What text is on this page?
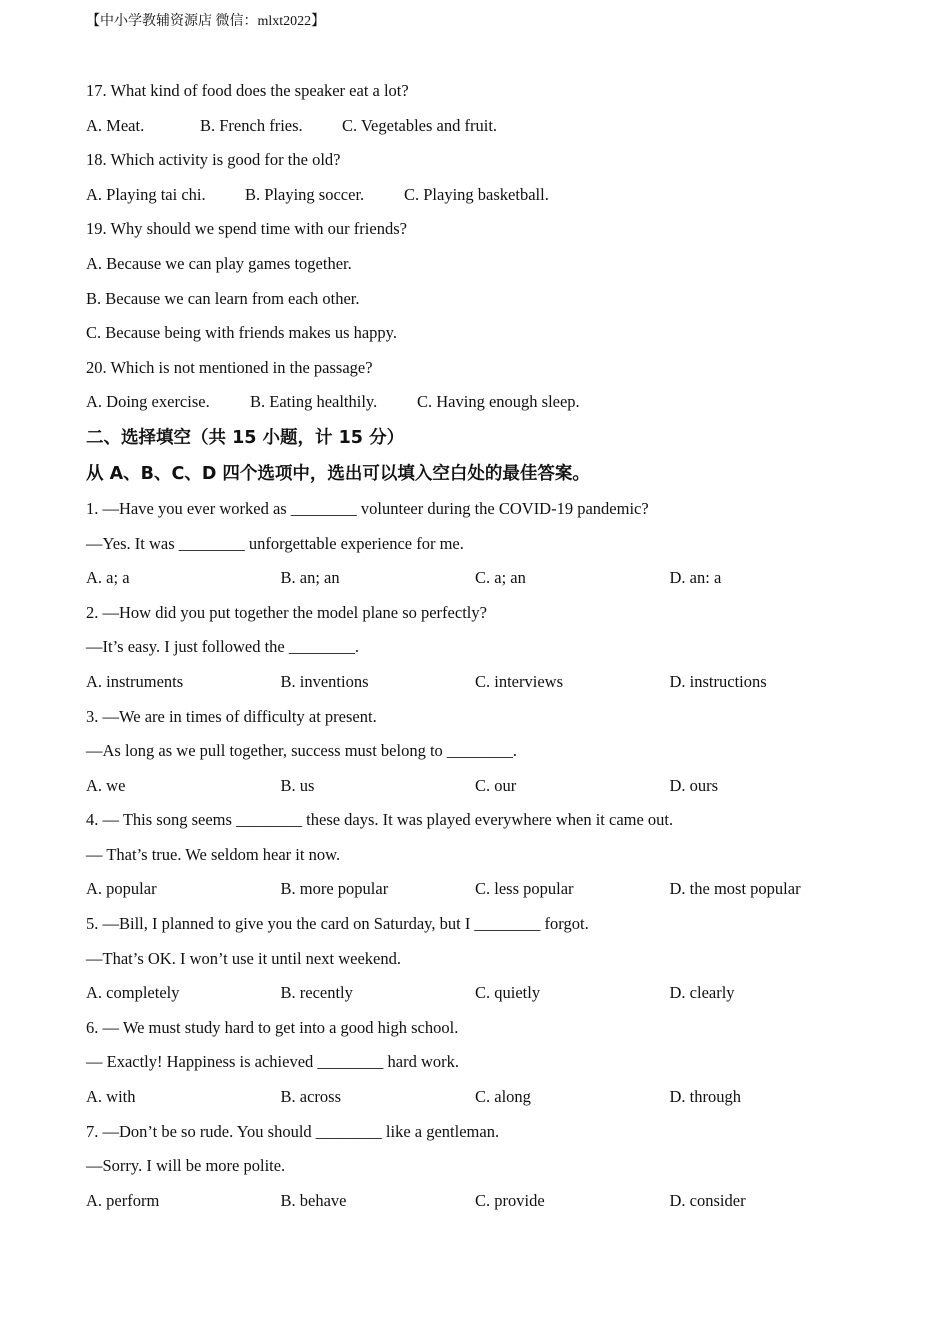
【中小学教辅资源店 微信：mlxt2022】
17. What kind of food does the speaker eat a lot?
A. Meat.	B. French fries. C. Vegetables and fruit.
18. Which activity is good for the old?
A. Playing tai chi. B. Playing soccer. C. Playing basketball.
19. Why should we spend time with our friends?
A. Because we can play games together.
B. Because we can learn from each other.
C. Because being with friends makes us happy.
20. Which is not mentioned in the passage?
A. Doing exercise. B. Eating healthily. C. Having enough sleep.
二、选择填空（共 15 小题，计 15 分）
从 A、B、C、D 四个选项中，选出可以填入空白处的最佳答案。
1. —Have you ever worked as ________ volunteer during the COVID-19 pandemic?
—Yes. It was ________ unforgettable experience for me.
A. a; a	B. an; an	C. a; an	D. an: a
2. —How did you put together the model plane so perfectly?
—It’s easy. I just followed the ________.
A. instruments	B. inventions	C. interviews	D. instructions
3. —We are in times of difficulty at present.
—As long as we pull together, success must belong to ________.
A. we	B. us	C. our	D. ours
4. — This song seems ________ these days. It was played everywhere when it came out.
— That’s true. We seldom hear it now.
A. popular	B. more popular	C. less popular	D. the most popular
5. —Bill, I planned to give you the card on Saturday, but I ________ forgot.
—That’s OK. I won’t use it until next weekend.
A. completely	B. recently	C. quietly	D. clearly
6. — We must study hard to get into a good high school.
— Exactly! Happiness is achieved ________ hard work.
A. with	B. across	C. along	D. through
7. —Don’t be so rude. You should ________ like a gentleman.
—Sorry. I will be more polite.
A. perform	B. behave	C. provide	D. consider
